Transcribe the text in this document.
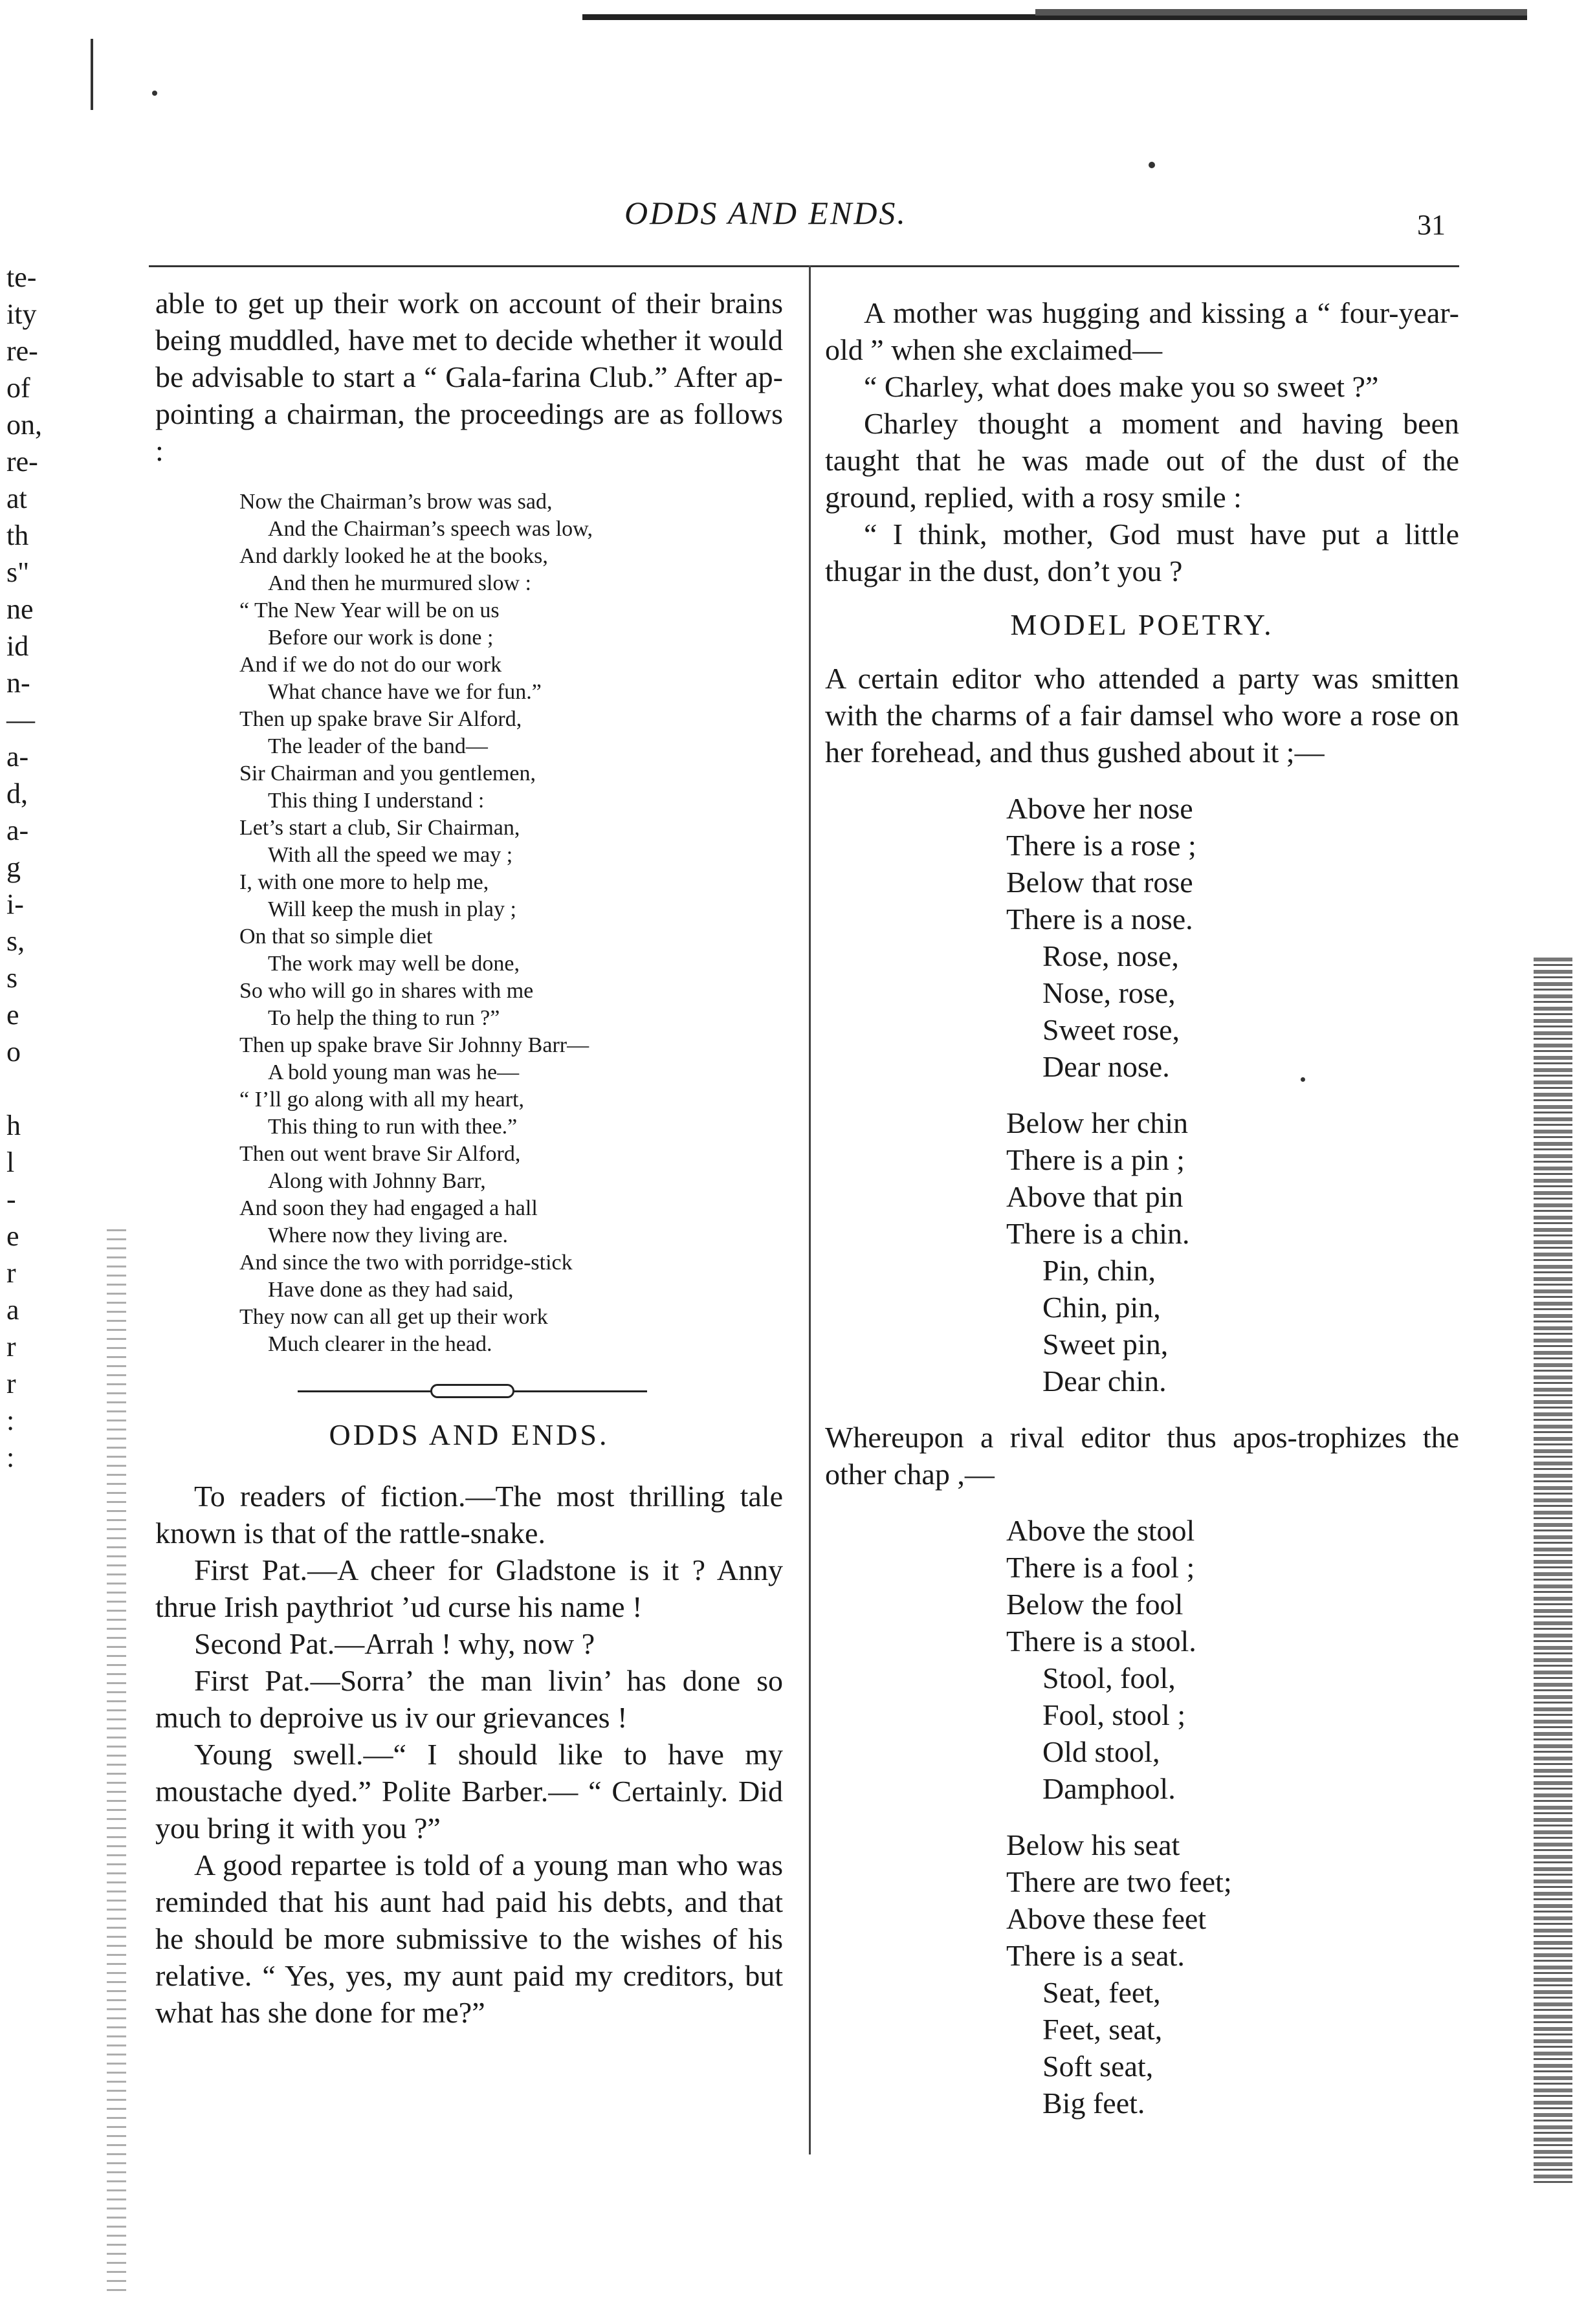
ODDS AND ENDS.	31
te-
ity
re-
of
on,
re-
at
th
s"
ne
id
n-
—
a-
d,
a-
g
i-
s,
s
e
o
h
l
-
e
r
a
r
r
:
:
able to get up their work on account of their brains being muddled, have met to decide whether it would be advisable to start a “ Gala-farina Club.” After ap-pointing a chairman, the proceedings are as follows :
Now the Chairman’s brow was sad,
And the Chairman’s speech was low,
And darkly looked he at the books,
And then he murmured slow :
“ The New Year will be on us
Before our work is done ;
And if we do not do our work
What chance have we for fun.”
Then up spake brave Sir Alford,
The leader of the band—
Sir Chairman and you gentlemen,
This thing I understand :
Let’s start a club, Sir Chairman,
With all the speed we may ;
I, with one more to help me,
Will keep the mush in play ;
On that so simple diet
The work may well be done,
So who will go in shares with me
To help the thing to run ?”
Then up spake brave Sir Johnny Barr—
A bold young man was he—
“ I’ll go along with all my heart,
This thing to run with thee.”
Then out went brave Sir Alford,
Along with Johnny Barr,
And soon they had engaged a hall
Where now they living are.
And since the two with porridge-stick
Have done as they had said,
They now can all get up their work
Much clearer in the head.
ODDS AND ENDS.

To readers of fiction.—The most thrilling tale known is that of the rattle-snake.

First Pat.—A cheer for Gladstone is it ? Anny thrue Irish paythriot ’ud curse his name !

Second Pat.—Arrah ! why, now ?

First Pat.—Sorra’ the man livin’ has done so much to deproive us iv our grievances !

Young swell.—“ I should like to have my moustache dyed.” Polite Barber.— “ Certainly. Did you bring it with you ?”

A good repartee is told of a young man who was reminded that his aunt had paid his debts, and that he should be more submissive to the wishes of his relative. “ Yes, yes, my aunt paid my creditors, but what has she done for me?”

A mother was hugging and kissing a “ four-year-old ” when she exclaimed—

“ Charley, what does make you so sweet ?”

Charley thought a moment and having been taught that he was made out of the dust of the ground, replied, with a rosy smile :

“ I think, mother, God must have put a little thugar in the dust, don’t you ?

MODEL POETRY.
A certain editor who attended a party was smitten with the charms of a fair damsel who wore a rose on her forehead, and thus gushed about it ;—
Above her nose
There is a rose ;
Below that rose
There is a nose.
Rose, nose,
Nose, rose,
Sweet rose,
Dear nose.
Below her chin
There is a pin ;
Above that pin
There is a chin.
Pin, chin,
Chin, pin,
Sweet pin,
Dear chin.
Whereupon a rival editor thus apos-trophizes the other chap ,—
Above the stool
There is a fool ;
Below the fool
There is a stool.
Stool, fool,
Fool, stool ;
Old stool,
Damphool.
Below his seat
There are two feet;
Above these feet
There is a seat.
Seat, feet,
Feet, seat,
Soft seat,
Big feet.
